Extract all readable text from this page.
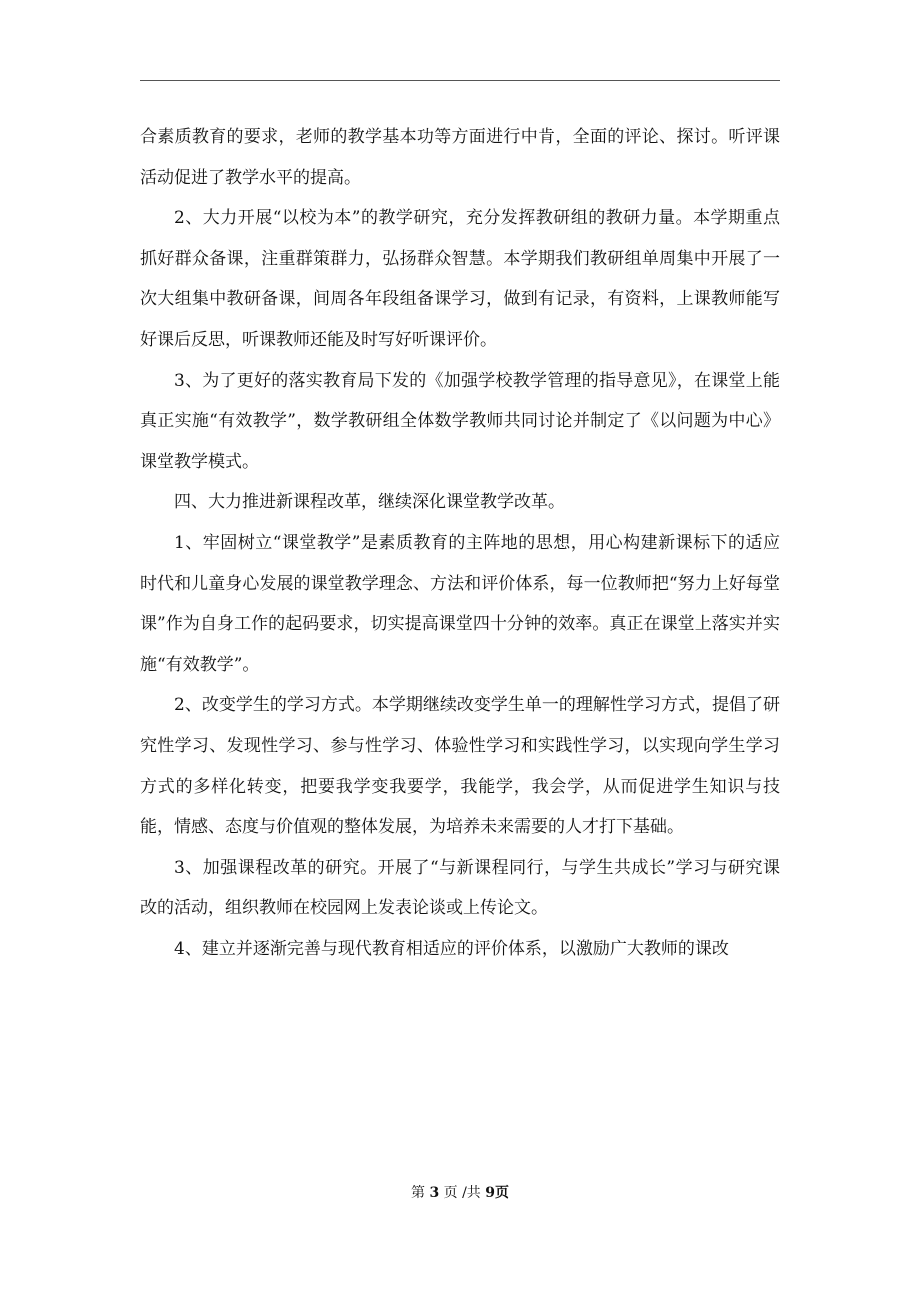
合素质教育的要求，老师的教学基本功等方面进行中肯，全面的评论、探讨。听评课活动促进了教学水平的提高。

2、大力开展“以校为本”的教学研究，充分发挥教研组的教研力量。本学期重点抓好群众备课，注重群策群力，弘扬群众智慧。本学期我们教研组单周集中开展了一次大组集中教研备课，间周各年段组备课学习，做到有记录，有资料，上课教师能写好课后反思，听课教师还能及时写好听课评价。

3、为了更好的落实教育局下发的《加强学校教学管理的指导意见》，在课堂上能真正实施“有效教学”，数学教研组全体数学教师共同讨论并制定了《以问题为中心》课堂教学模式。

四、大力推进新课程改革，继续深化课堂教学改革。

1、牢固树立“课堂教学”是素质教育的主阵地的思想，用心构建新课标下的适应时代和儿童身心发展的课堂教学理念、方法和评价体系，每一位教师把“努力上好每堂课”作为自身工作的起码要求，切实提高课堂四十分钟的效率。真正在课堂上落实并实施“有效教学”。

2、改变学生的学习方式。本学期继续改变学生单一的理解性学习方式，提倡了研究性学习、发现性学习、参与性学习、体验性学习和实践性学习，以实现向学生学习方式的多样化转变，把要我学变我要学，我能学，我会学，从而促进学生知识与技能，情感、态度与价值观的整体发展，为培养未来需要的人才打下基础。

3、加强课程改革的研究。开展了“与新课程同行，与学生共成长”学习与研究课改的活动，组织教师在校园网上发表论谈或上传论文。

4、建立并逐渐完善与现代教育相适应的评价体系，以激励广大教师的课改

第 3 页 /共 9页
